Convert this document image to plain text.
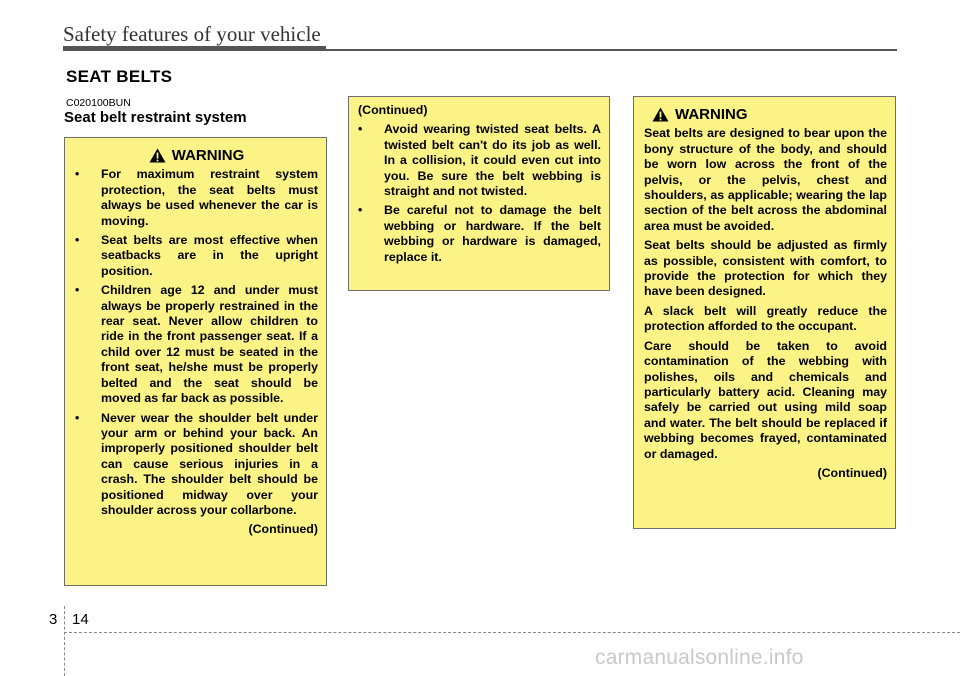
Safety features of your vehicle
SEAT BELTS
C020100BUN
Seat belt restraint system
WARNING
• For maximum restraint system protection, the seat belts must always be used whenever the car is moving.
• Seat belts are most effective when seatbacks are in the upright position.
• Children age 12 and under must always be properly restrained in the rear seat. Never allow children to ride in the front passenger seat. If a child over 12 must be seated in the front seat, he/she must be properly belted and the seat should be moved as far back as possible.
• Never wear the shoulder belt under your arm or behind your back. An improperly positioned shoulder belt can cause serious injuries in a crash. The shoulder belt should be positioned midway over your shoulder across your collarbone.
(Continued)
(Continued)
• Avoid wearing twisted seat belts. A twisted belt can't do its job as well. In a collision, it could even cut into you. Be sure the belt webbing is straight and not twisted.
• Be careful not to damage the belt webbing or hardware. If the belt webbing or hardware is damaged, replace it.
WARNING

Seat belts are designed to bear upon the bony structure of the body, and should be worn low across the front of the pelvis, or the pelvis, chest and shoulders, as applicable; wearing the lap section of the belt across the abdominal area must be avoided.

Seat belts should be adjusted as firmly as possible, consistent with comfort, to provide the protection for which they have been designed.

A slack belt will greatly reduce the protection afforded to the occupant.

Care should be taken to avoid contamination of the webbing with polishes, oils and chemicals and particularly battery acid. Cleaning may safely be carried out using mild soap and water. The belt should be replaced if webbing becomes frayed, contaminated or damaged.

(Continued)
3 14
carmanualsonline.info
